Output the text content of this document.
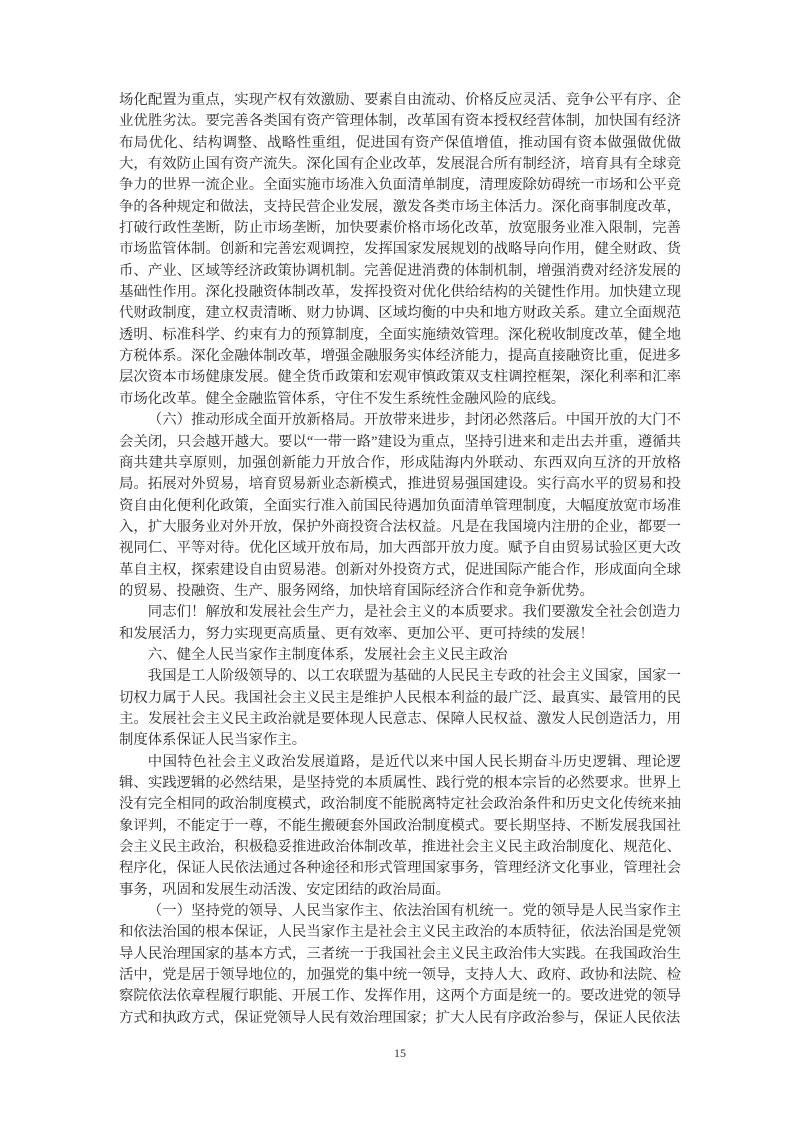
场化配置为重点，实现产权有效激励、要素自由流动、价格反应灵活、竞争公平有序、企业优胜劣汰。要完善各类国有资产管理体制，改革国有资本授权经营体制，加快国有经济布局优化、结构调整、战略性重组，促进国有资产保值增值，推动国有资本做强做优做大，有效防止国有资产流失。深化国有企业改革，发展混合所有制经济，培育具有全球竞争力的世界一流企业。全面实施市场准入负面清单制度，清理废除妨碍统一市场和公平竞争的各种规定和做法，支持民营企业发展，激发各类市场主体活力。深化商事制度改革，打破行政性垄断，防止市场垄断，加快要素价格市场化改革，放宽服务业准入限制，完善市场监管体制。创新和完善宏观调控，发挥国家发展规划的战略导向作用，健全财政、货币、产业、区域等经济政策协调机制。完善促进消费的体制机制，增强消费对经济发展的基础性作用。深化投融资体制改革，发挥投资对优化供给结构的关键性作用。加快建立现代财政制度，建立权责清晰、财力协调、区域均衡的中央和地方财政关系。建立全面规范透明、标准科学、约束有力的预算制度，全面实施绩效管理。深化税收制度改革，健全地方税体系。深化金融体制改革，增强金融服务实体经济能力，提高直接融资比重，促进多层次资本市场健康发展。健全货币政策和宏观审慎政策双支柱调控框架，深化利率和汇率市场化改革。健全金融监管体系，守住不发生系统性金融风险的底线。

（六）推动形成全面开放新格局。开放带来进步，封闭必然落后。中国开放的大门不会关闭，只会越开越大。要以“一带一路”建设为重点，坚持引进来和走出去并重，遵循共商共建共享原则，加强创新能力开放合作，形成陆海内外联动、东西双向互济的开放格局。拓展对外贸易，培育贸易新业态新模式，推进贸易强国建设。实行高水平的贸易和投资自由化便利化政策，全面实行准入前国民待遇加负面清单管理制度，大幅度放宽市场准入，扩大服务业对外开放，保护外商投资合法权益。凡是在我国境内注册的企业，都要一视同仁、平等对待。优化区域开放布局，加大西部开放力度。赋予自由贸易试验区更大改革自主权，探索建设自由贸易港。创新对外投资方式，促进国际产能合作，形成面向全球的贸易、投融资、生产、服务网络，加快培育国际经济合作和竞争新优势。

同志们！解放和发展社会生产力，是社会主义的本质要求。我们要激发全社会创造力和发展活力，努力实现更高质量、更有效率、更加公平、更可持续的发展！

六、健全人民当家作主制度体系，发展社会主义民主政治

我国是工人阶级领导的、以工农联盟为基础的人民民主专政的社会主义国家，国家一切权力属于人民。我国社会主义民主是维护人民根本利益的最广泛、最真实、最管用的民主。发展社会主义民主政治就是要体现人民意志、保障人民权益、激发人民创造活力，用制度体系保证人民当家作主。

中国特色社会主义政治发展道路，是近代以来中国人民长期奋斗历史逻辑、理论逻辑、实践逻辑的必然结果，是坚持党的本质属性、践行党的根本宗旨的必然要求。世界上没有完全相同的政治制度模式，政治制度不能脱离特定社会政治条件和历史文化传统来抽象评判，不能定于一尊，不能生搬硬套外国政治制度模式。要长期坚持、不断发展我国社会主义民主政治，积极稳妥推进政治体制改革，推进社会主义民主政治制度化、规范化、程序化，保证人民依法通过各种途径和形式管理国家事务，管理经济文化事业，管理社会事务，巩固和发展生动活泼、安定团结的政治局面。

（一）坚持党的领导、人民当家作主、依法治国有机统一。党的领导是人民当家作主和依法治国的根本保证，人民当家作主是社会主义民主政治的本质特征，依法治国是党领导人民治理国家的基本方式，三者统一于我国社会主义民主政治伟大实践。在我国政治生活中，党是居于领导地位的，加强党的集中统一领导，支持人大、政府、政协和法院、检察院依法依章程履行职能、开展工作、发挥作用，这两个方面是统一的。要改进党的领导方式和执政方式，保证党领导人民有效治理国家；扩大人民有序政治参与，保证人民依法

15
